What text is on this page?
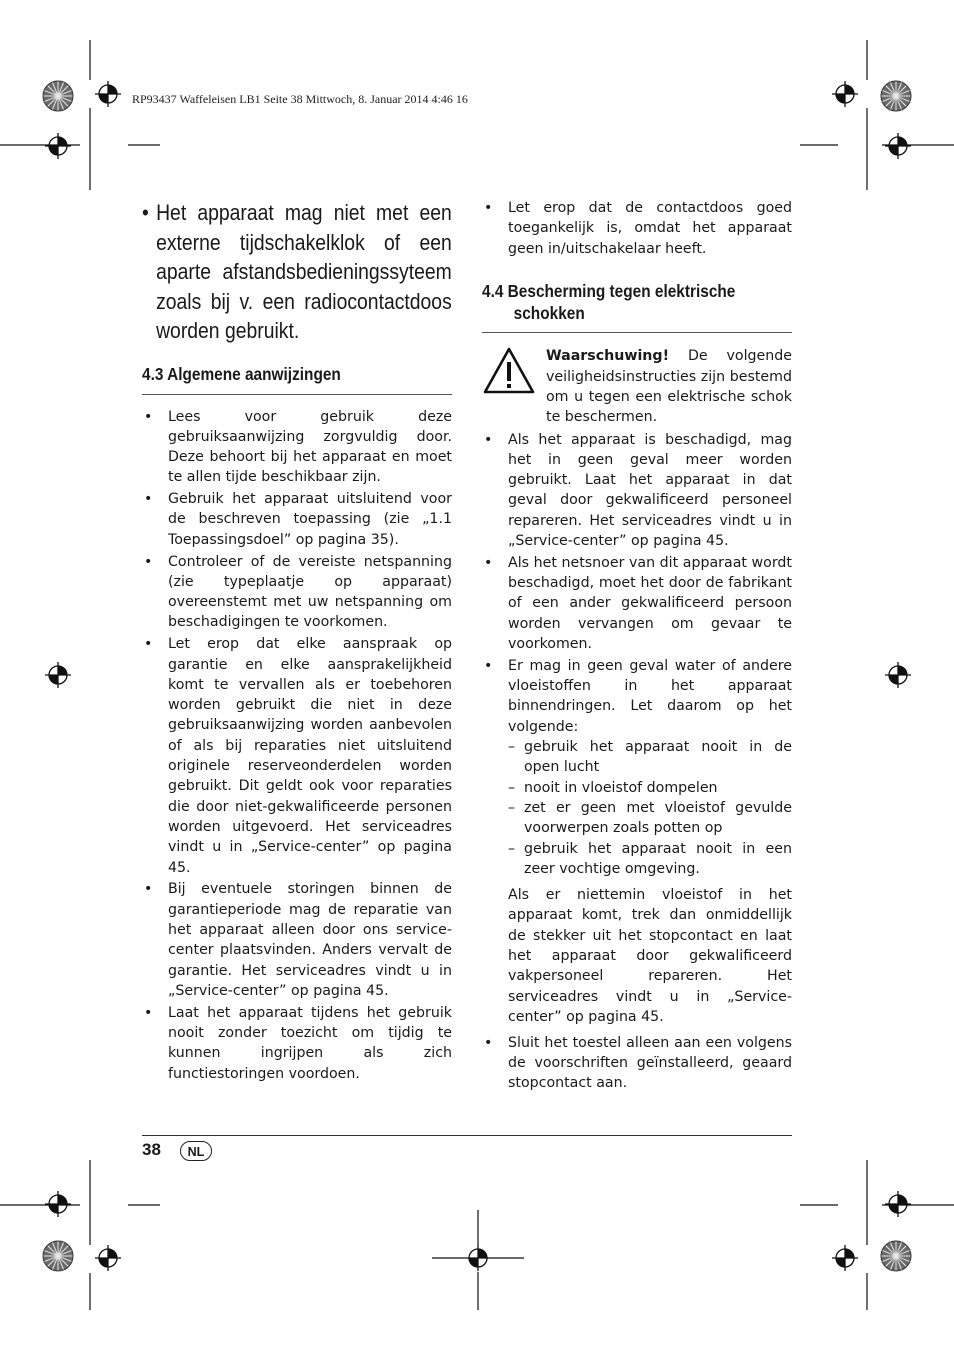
RP93437 Waffeleisen LB1 Seite 38 Mittwoch, 8. Januar 2014 4:46 16
• Het apparaat mag niet met een externe tijdschakelklok of een aparte afstandsbedieningssyteem zoals bij v. een radiocontactdoos worden gebruikt.
4.3 Algemene aanwijzingen
• Lees voor gebruik deze gebruiksaanwijzing zorgvuldig door. Deze behoort bij het apparaat en moet te allen tijde beschikbaar zijn.
• Gebruik het apparaat uitsluitend voor de beschreven toepassing (zie „1.1 Toepassingsdoel” op pagina 35).
• Controleer of de vereiste netspanning (zie typeplaatje op apparaat) overeenstemt met uw netspanning om beschadigingen te voorkomen.
• Let erop dat elke aanspraak op garantie en elke aansprakelijkheid komt te vervallen als er toebehoren worden gebruikt die niet in deze gebruiksaanwijzing worden aanbevolen of als bij reparaties niet uitsluitend originele reserveonderdelen worden gebruikt. Dit geldt ook voor reparaties die door niet-gekwalificeerde personen worden uitgevoerd. Het serviceadres vindt u in „Service-center” op pagina 45.
• Bij eventuele storingen binnen de garantieperiode mag de reparatie van het apparaat alleen door ons service-center plaatsvinden. Anders vervalt de garantie. Het serviceadres vindt u in „Service-center” op pagina 45.
• Laat het apparaat tijdens het gebruik nooit zonder toezicht om tijdig te kunnen ingrijpen als zich functiestoringen voordoen.
• Let erop dat de contactdoos goed toegankelijk is, omdat het apparaat geen in/uitschakelaar heeft.
4.4 Bescherming tegen elektrische
schokken
Waarschuwing! De volgende veiligheidsinstructies zijn bestemd om u tegen een elektrische schok te beschermen.
• Als het apparaat is beschadigd, mag het in geen geval meer worden gebruikt. Laat het apparaat in dat geval door gekwalificeerd personeel repareren. Het serviceadres vindt u in „Service-center” op pagina 45.
• Als het netsnoer van dit apparaat wordt beschadigd, moet het door de fabrikant of een ander gekwalificeerd persoon worden vervangen om gevaar te voorkomen.
• Er mag in geen geval water of andere vloeistoffen in het apparaat binnendringen. Let daarom op het volgende:
– gebruik het apparaat nooit in de open lucht
– nooit in vloeistof dompelen
– zet er geen met vloeistof gevulde voorwerpen zoals potten op
– gebruik het apparaat nooit in een zeer vochtige omgeving.
Als er niettemin vloeistof in het apparaat komt, trek dan onmiddellijk de stekker uit het stopcontact en laat het apparaat door gekwalificeerd vakpersoneel repareren. Het serviceadres vindt u in „Service-center” op pagina 45.
• Sluit het toestel alleen aan een volgens de voorschriften geïnstalleerd, geaard stopcontact aan.
38	NL
